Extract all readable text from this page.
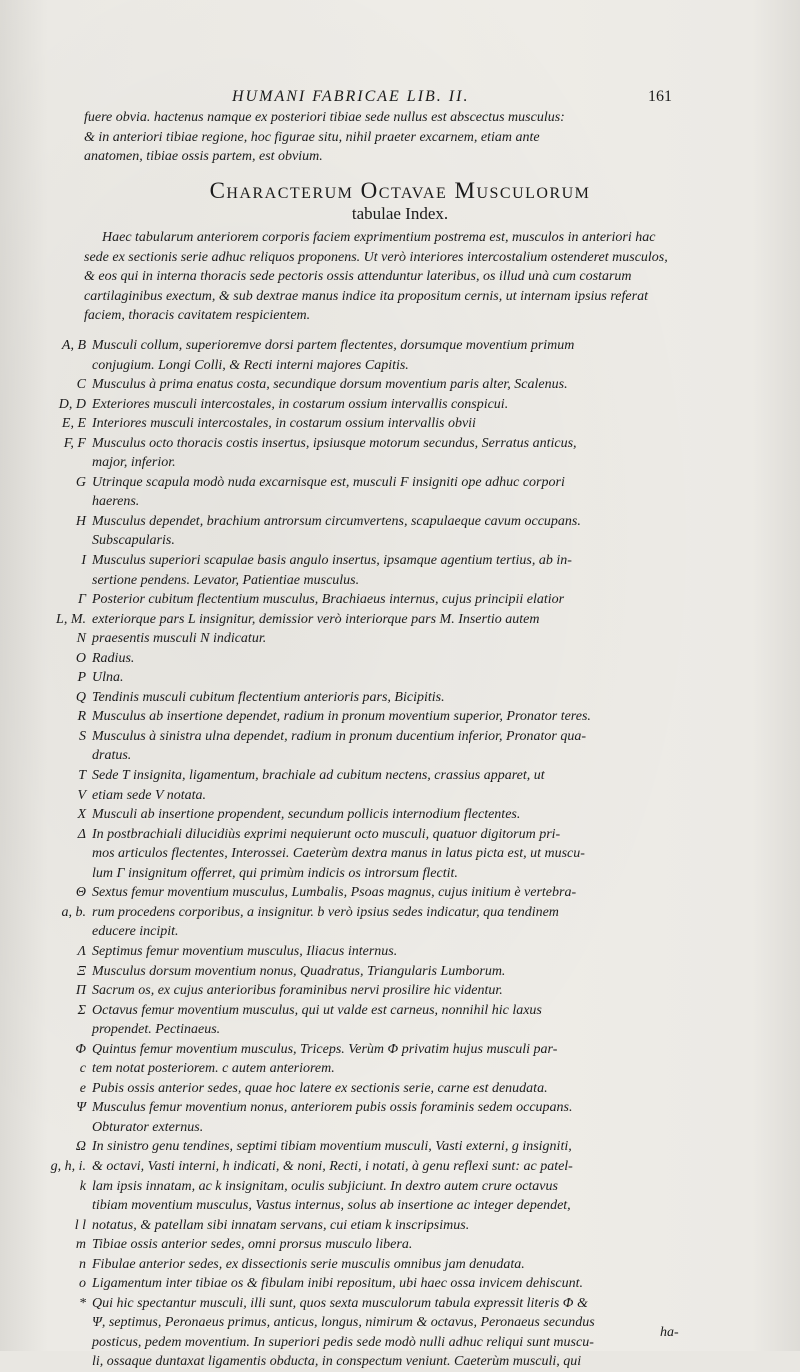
HUMANI FABRICAE LIB. II.	161
fuere obvia. hactenus namque ex posteriori tibiae sede nullus est abscectus musculus:
& in anteriori tibiae regione, hoc figurae situ, nihil praeter excarnem, etiam ante
anatomen, tibiae ossis partem, est obvium.
Characterum Octavae Musculorum
tabulae Index.
Haec tabularum anteriorem corporis faciem exprimentium postrema est, musculos in anteriori hac sede ex sectionis serie adhuc reliquos proponens. Ut verò interiores intercostalium ostenderet musculos, & eos qui in interna thoracis sede pectoris ossis attenduntur lateribus, os illud unà cum costarum cartilaginibus exectum, & sub dextrae manus indice ita propositum cernis, ut internam ipsius referat faciem, thoracis cavitatem respicientem.
A, B Musculi collum, superioremve dorsi partem flectentes, dorsumque moventium primum
conjugium. Longi Colli, & Recti interni majores Capitis.
C Musculus à prima enatus costa, secundique dorsum moventium paris alter, Scalenus.
D, D Exteriores musculi intercostales, in costarum ossium intervallis conspicui.
E, E Interiores musculi intercostales, in costarum ossium intervallis obvii
F, F Musculus octo thoracis costis insertus, ipsiusque motorum secundus, Serratus anticus,
major, inferior.
G Utrinque scapula modò nuda excarnisque est, musculi F insigniti ope adhuc corpori
haerens.
H Musculus dependet, brachium antrorsum circumvertens, scapulaeque cavum occupans.
Subscapularis.
I Musculus superiori scapulae basis angulo insertus, ipsamque agentium tertius, ab in-
sertione pendens. Levator, Patientiae musculus.
Γ Posterior cubitum flectentium musculus, Brachiaeus internus, cujus principii elatior
L, M. exteriorque pars L insignitur, demissior verò interiorque pars M. Insertio autem
N praesentis musculi N indicatur.
O Radius.
P Ulna.
Q Tendinis musculi cubitum flectentium anterioris pars, Bicipitis.
R Musculus ab insertione dependet, radium in pronum moventium superior, Pronator teres.
S Musculus à sinistra ulna dependet, radium in pronum ducentium inferior, Pronator qua-
dratus.
T Sede T insignita, ligamentum, brachiale ad cubitum nectens, crassius apparet, ut
V etiam sede V notata.
X Musculi ab insertione propendent, secundum pollicis internodium flectentes.
Δ In postbrachiali dilucidiùs exprimi nequierunt octo musculi, quatuor digitorum pri-
mos articulos flectentes, Interossei. Caeterùm dextra manus in latus picta est, ut muscu-
lum Γ insignitum offerret, qui primùm indicis os introrsum flectit.
Θ Sextus femur moventium musculus, Lumbalis, Psoas magnus, cujus initium è vertebra-
a, b. rum procedens corporibus, a insignitur. b verò ipsius sedes indicatur, qua tendinem
educere incipit.
Λ Septimus femur moventium musculus, Iliacus internus.
Ξ Musculus dorsum moventium nonus, Quadratus, Triangularis Lumborum.
Π Sacrum os, ex cujus anterioribus foraminibus nervi prosilire hic videntur.
Σ Octavus femur moventium musculus, qui ut valde est carneus, nonnihil hic laxus
propendet. Pectinaeus.
Φ Quintus femur moventium musculus, Triceps. Verùm Φ privatim hujus musculi par-
c tem notat posteriorem. c autem anteriorem.
e Pubis ossis anterior sedes, quae hoc latere ex sectionis serie, carne est denudata.
Ψ Musculus femur moventium nonus, anteriorem pubis ossis foraminis sedem occupans.
Obturator externus.
Ω In sinistro genu tendines, septimi tibiam moventium musculi, Vasti externi, g insigniti,
g, h, i. & octavi, Vasti interni, h indicati, & noni, Recti, i notati, à genu reflexi sunt: ac patel-
k lam ipsis innatam, ac k insignitam, oculis subjiciunt. In dextro autem crure octavus
tibiam moventium musculus, Vastus internus, solus ab insertione ac integer dependet,
l l notatus, & patellam sibi innatam servans, cui etiam k inscripsimus.
m Tibiae ossis anterior sedes, omni prorsus musculo libera.
n Fibulae anterior sedes, ex dissectionis serie musculis omnibus jam denudata.
o Ligamentum inter tibiae os & fibulam inibi repositum, ubi haec ossa invicem dehiscunt.
* Qui hic spectantur musculi, illi sunt, quos sexta musculorum tabula expressit literis Φ &
Ψ, septimus, Peronaeus primus, anticus, longus, nimirum & octavus, Peronaeus secundus
posticus, pedem moventium. In superiori pedis sede modò nulli adhuc reliqui sunt muscu-
li, ossaque duntaxat ligamentis obducta, in conspectum veniunt. Caeterùm musculi, qui
ha-
